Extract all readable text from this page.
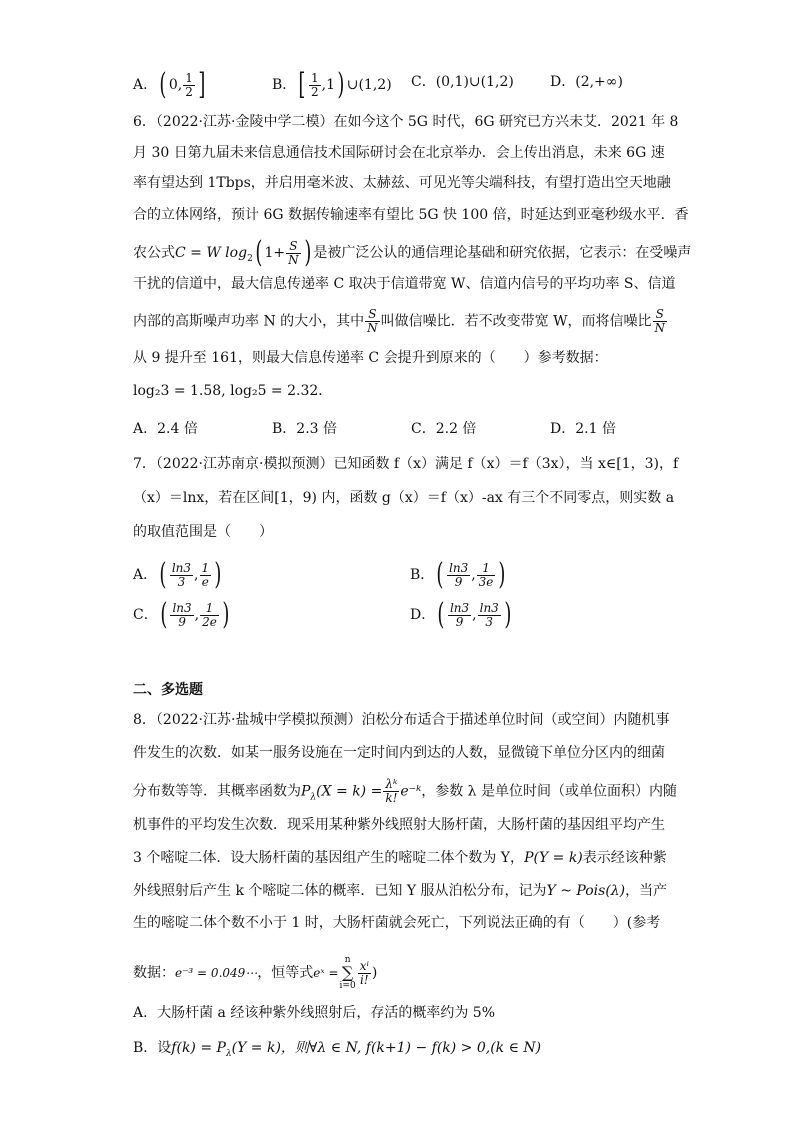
A．( 0, $\frac{1}{2}$ ]	B．[ $\frac{1}{2} ,1$) ∪(1,2) C．(0,1)∪(1,2)	D．(2,+∞)
6．（2022·江苏·金陵中学二模）在如今这个 5G 时代，6G 研究已方兴未艾．2021 年 8
月 30 日第九届未来信息通信技术国际研讨会在北京举办．会上传出消息，未来 6G 速
率有望达到 1Tbps，并启用毫米波、太赫兹、可见光等尖端科技，有望打造出空天地融
合的立体网络，预计 6G 数据传输速率有望比 5G 快 100 倍，时延达到亚毫秒级水平．香
农公式C = W $\log_2$( $1+ \frac{S}{N}$ ) 是被广泛公认的通信理论基础和研究依据，它表示：在受噪声
干扰的信道中，最大信息传递率 C 取决于信道带宽 W、信道内信号的平均功率 S、信道
内部的高斯噪声功率 N 的大小，其中 $\frac{S}{N}$ 叫做信噪比．若不改变带宽 W，而将信噪比 $\frac{S}{N}$
从 9 提升至 161，则最大信息传递率 C 会提升到原来的（　　）参考数据：
log₂3 = 1.58, log₂5 = 2.32．
A．2.4 倍	B．2.3 倍	C．2.2 倍	D．2.1 倍
7．（2022·江苏南京·模拟预测）已知函数 f（x）满足 f（x）＝f（3x），当 x∈[1，3)，f
（x）＝lnx，若在区间[1，9) 内，函数 g（x）＝f（x）-ax 有三个不同零点，则实数 a
的取值范围是（　　）
A．( $\frac{\ln 3}{3}$ , $\frac{1}{e}$ )	B．( $\frac{\ln 3}{9}$ , $\frac{1}{3e}$ )
C．( $\frac{\ln 3}{9}$ , $\frac{1}{2e}$ )	D．( $\frac{\ln 3}{9}$ , $\frac{\ln 3}{3}$ )
二、多选题
8．（2022·江苏·盐城中学模拟预测）泊松分布适合于描述单位时间（或空间）内随机事
件发生的次数．如某一服务设施在一定时间内到达的人数，显微镜下单位分区内的细菌
分布数等等．其概率函数为$P_\lambda(X = k) = \frac{\text{λᵏ}}{k!}$ e⁻ᵏ，参数 λ 是单位时间（或单位面积）内随
机事件的平均发生次数．现采用某种紫外线照射大肠杆菌，大肠杆菌的基因组平均产生
3 个嘧啶二体．设大肠杆菌的基因组产生的嘧啶二体个数为 Y，P(Y = k)表示经该种紫
外线照射后产生 k 个嘧啶二体的概率．已知 Y 服从泊松分布，记为Y ~ Pois(λ)，当产
生的嘧啶二体个数不小于 1 时，大肠杆菌就会死亡，下列说法正确的有（　　）(参考
数据：e⁻³ = 0.049⋯，恒等式eˣ =
n
∑
$i=0 \frac{\text{xⁱ}}{i!}$ )
A．大肠杆菌 a 经该种紫外线照射后，存活的概率约为 5%
B．设$f(k) = P_\lambda(Y = k)$，则∀λ ∈ N, f(k+1) − f(k) > 0,(k ∈ N)
